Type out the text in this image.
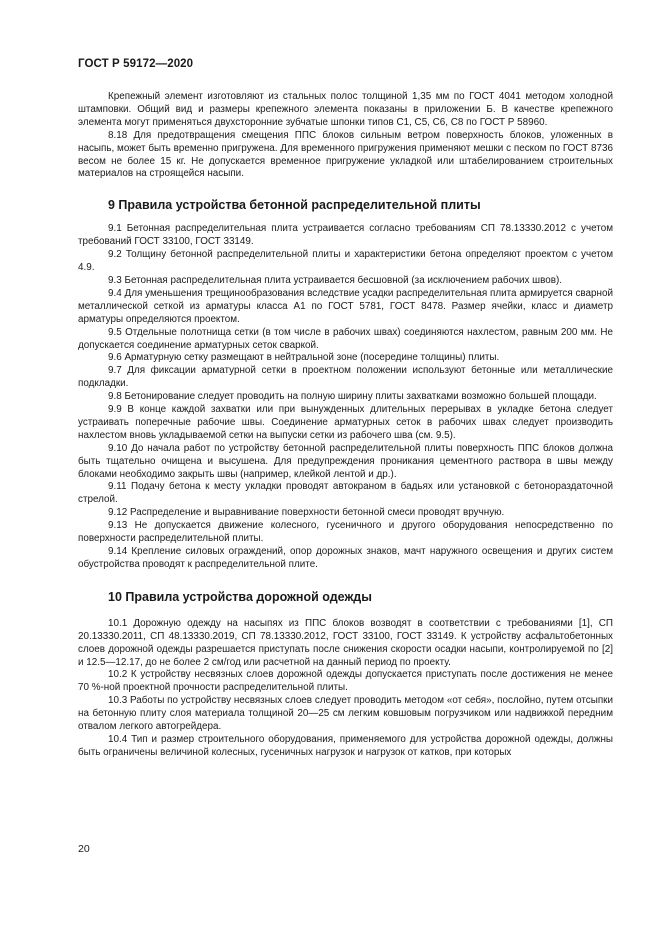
ГОСТ Р 59172—2020

Крепежный элемент изготовляют из стальных полос толщиной 1,35 мм по ГОСТ 4041 методом холодной штамповки. Общий вид и размеры крепежного элемента показаны в приложении Б. В качестве крепежного элемента могут применяться двухсторонние зубчатые шпонки типов С1, С5, С6, С8 по ГОСТ Р 58960.

8.18 Для предотвращения смещения ППС блоков сильным ветром поверхность блоков, уложенных в насыпь, может быть временно пригружена. Для временного пригружения применяют мешки с песком по ГОСТ 8736 весом не более 15 кг. Не допускается временное пригружение укладкой или штабелированием строительных материалов на строящейся насыпи.

9 Правила устройства бетонной распределительной плиты

9.1 Бетонная распределительная плита устраивается согласно требованиям СП 78.13330.2012 с учетом требований ГОСТ 33100, ГОСТ 33149.

9.2 Толщину бетонной распределительной плиты и характеристики бетона определяют проектом с учетом 4.9.

9.3 Бетонная распределительная плита устраивается бесшовной (за исключением рабочих швов).

9.4 Для уменьшения трещинообразования вследствие усадки распределительная плита армируется сварной металлической сеткой из арматуры класса А1 по ГОСТ 5781, ГОСТ 8478. Размер ячейки, класс и диаметр арматуры определяются проектом.

9.5 Отдельные полотнища сетки (в том числе в рабочих швах) соединяются нахлестом, равным 200 мм. Не допускается соединение арматурных сеток сваркой.

9.6 Арматурную сетку размещают в нейтральной зоне (посередине толщины) плиты.

9.7 Для фиксации арматурной сетки в проектном положении используют бетонные или металлические подкладки.

9.8 Бетонирование следует проводить на полную ширину плиты захватками возможно большей площади.

9.9 В конце каждой захватки или при вынужденных длительных перерывах в укладке бетона следует устраивать поперечные рабочие швы. Соединение арматурных сеток в рабочих швах следует производить нахлестом вновь укладываемой сетки на выпуски сетки из рабочего шва (см. 9.5).

9.10 До начала работ по устройству бетонной распределительной плиты поверхность ППС блоков должна быть тщательно очищена и высушена. Для предупреждения проникания цементного раствора в швы между блоками необходимо закрыть швы (например, клейкой лентой и др.).

9.11 Подачу бетона к месту укладки проводят автокраном в бадьях или установкой с бетонораздаточной стрелой.

9.12 Распределение и выравнивание поверхности бетонной смеси проводят вручную.

9.13 Не допускается движение колесного, гусеничного и другого оборудования непосредственно по поверхности распределительной плиты.

9.14 Крепление силовых ограждений, опор дорожных знаков, мачт наружного освещения и других систем обустройства проводят к распределительной плите.

10 Правила устройства дорожной одежды

10.1 Дорожную одежду на насыпях из ППС блоков возводят в соответствии с требованиями [1], СП 20.13330.2011, СП 48.13330.2019, СП 78.13330.2012, ГОСТ 33100, ГОСТ 33149. К устройству асфальтобетонных слоев дорожной одежды разрешается приступать после снижения скорости осадки насыпи, контролируемой по [2] и 12.5—12.17, до не более 2 см/год или расчетной на данный период по проекту.

10.2 К устройству несвязных слоев дорожной одежды допускается приступать после достижения не менее 70 %-ной проектной прочности распределительной плиты.

10.3 Работы по устройству несвязных слоев следует проводить методом «от себя», послойно, путем отсыпки на бетонную плиту слоя материала толщиной 20—25 см легким ковшовым погрузчиком или надвижкой передним отвалом легкого автогрейдера.

10.4 Тип и размер строительного оборудования, применяемого для устройства дорожной одежды, должны быть ограничены величиной колесных, гусеничных нагрузок и нагрузок от катков, при которых

20
